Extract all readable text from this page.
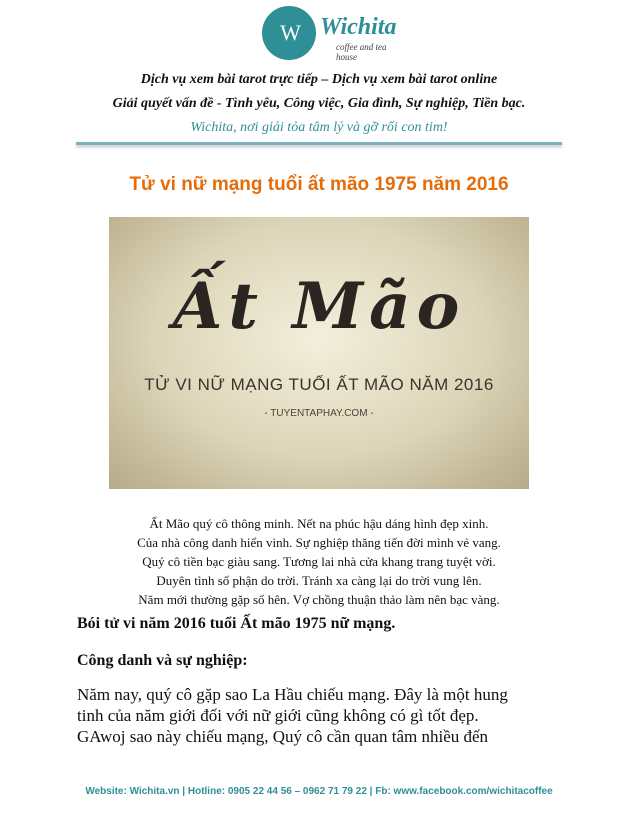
W Wichita
coffee and tea house
Dịch vụ xem bài tarot trực tiếp – Dịch vụ xem bài tarot online
Giải quyết vấn đề - Tình yêu, Công việc, Gia đình, Sự nghiệp, Tiền bạc.
Wichita, nơi giải tỏa tâm lý và gỡ rối con tim!
Tử vi nữ mạng tuổi ất mão 1975 năm 2016
Ất Mão
TỬ VI NỮ MẠNG TUỔI ẤT MÃO NĂM 2016
- TUYENTAPHAY.COM -
Ất Mão quý cô thông minh. Nết na phúc hậu dáng hình đẹp xinh.
Của nhà công danh hiển vinh. Sự nghiệp thăng tiến đời mình vẻ vang.
Quý cô tiền bạc giàu sang. Tương lai nhà cửa khang trang tuyệt vời.
Duyên tình số phận do trời. Tránh xa càng lại do trời vung lên.
Năm mới thường gặp số hên. Vợ chồng thuận thảo làm nên bạc vàng.
Bói tử vi năm 2016 tuổi Ất mão 1975 nữ mạng.
Công danh và sự nghiệp:
Năm nay, quý cô gặp sao La Hầu chiếu mạng. Đây là một hung
tinh của năm giới đối với nữ giới cũng không có gì tốt đẹp.
GAwoj sao này chiếu mạng, Quý cô cần quan tâm nhiều đến
Website: Wichita.vn | Hotline: 0905 22 44 56 – 0962 71 79 22 | Fb: www.facebook.com/wichitacoffee
